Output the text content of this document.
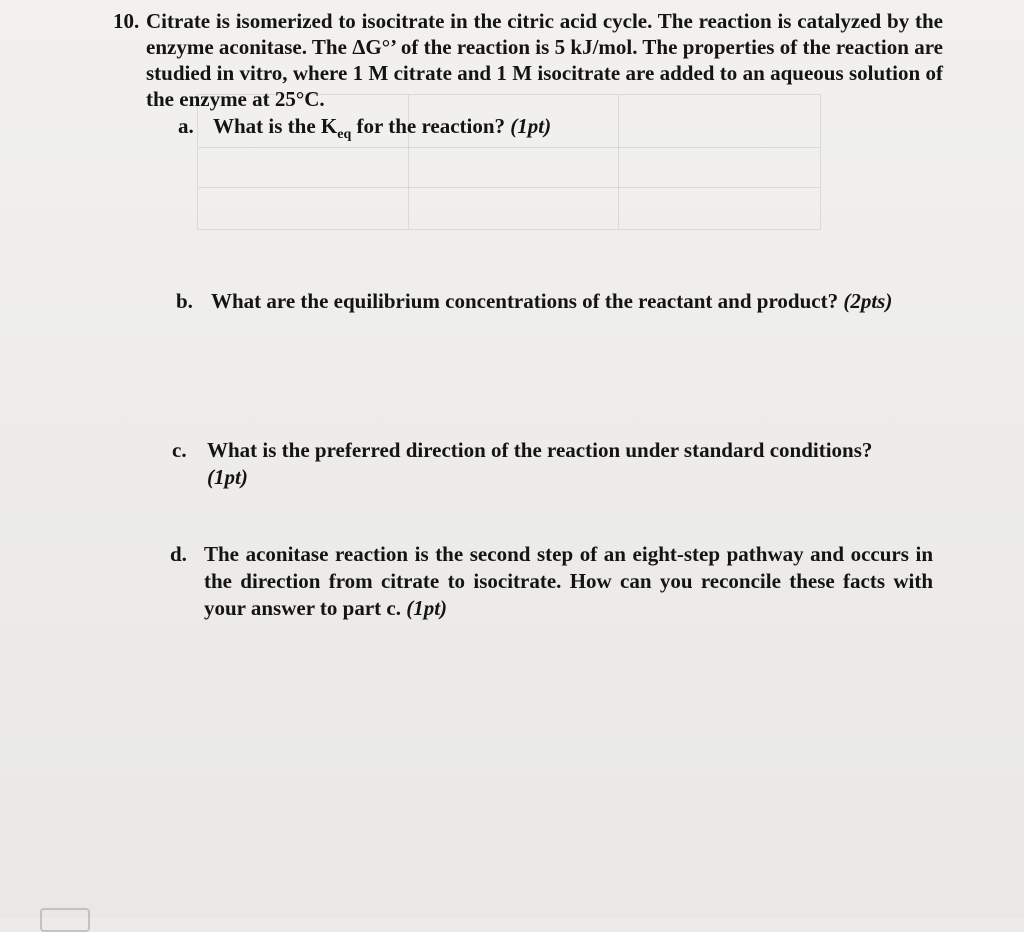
10. Citrate is isomerized to isocitrate in the citric acid cycle. The reaction is catalyzed by the enzyme aconitase. The ΔG°’ of the reaction is 5 kJ/mol. The properties of the reaction are studied in vitro, where 1 M citrate and 1 M isocitrate are added to an aqueous solution of the enzyme at 25°C.
a. What is the $K_{eq}$ for the reaction? (1pt)
b. What are the equilibrium concentrations of the reactant and product? (2pts)
c. What is the preferred direction of the reaction under standard conditions? (1pt)
d. The aconitase reaction is the second step of an eight-step pathway and occurs in the direction from citrate to isocitrate. How can you reconcile these facts with your answer to part c. (1pt)
